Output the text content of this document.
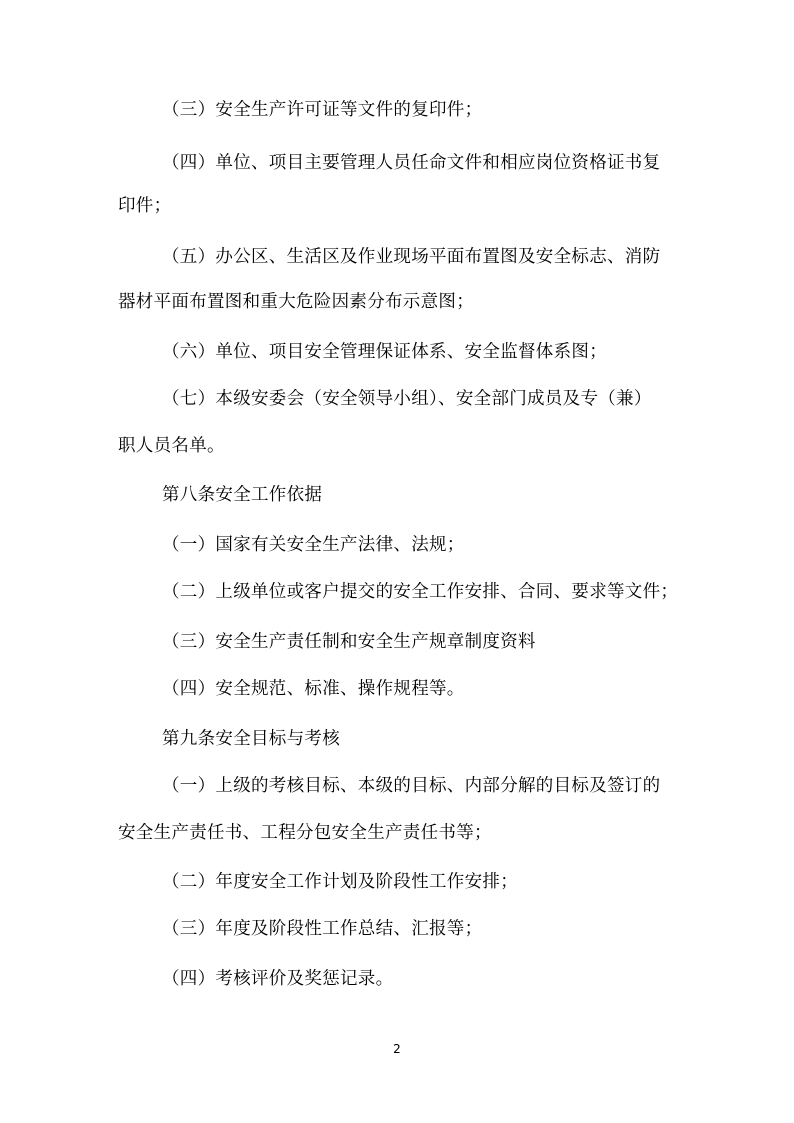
（三）安全生产许可证等文件的复印件；
（四）单位、项目主要管理人员任命文件和相应岗位资格证书复
印件；
（五）办公区、生活区及作业现场平面布置图及安全标志、消防
器材平面布置图和重大危险因素分布示意图；
（六）单位、项目安全管理保证体系、安全监督体系图；
（七）本级安委会（安全领导小组）、安全部门成员及专（兼）
职人员名单。
第八条安全工作依据
（一）国家有关安全生产法律、法规；
（二）上级单位或客户提交的安全工作安排、合同、要求等文件；
（三）安全生产责任制和安全生产规章制度资料
（四）安全规范、标准、操作规程等。
第九条安全目标与考核
（一）上级的考核目标、本级的目标、内部分解的目标及签订的
安全生产责任书、工程分包安全生产责任书等；
（二）年度安全工作计划及阶段性工作安排；
（三）年度及阶段性工作总结、汇报等；
（四）考核评价及奖惩记录。
2
